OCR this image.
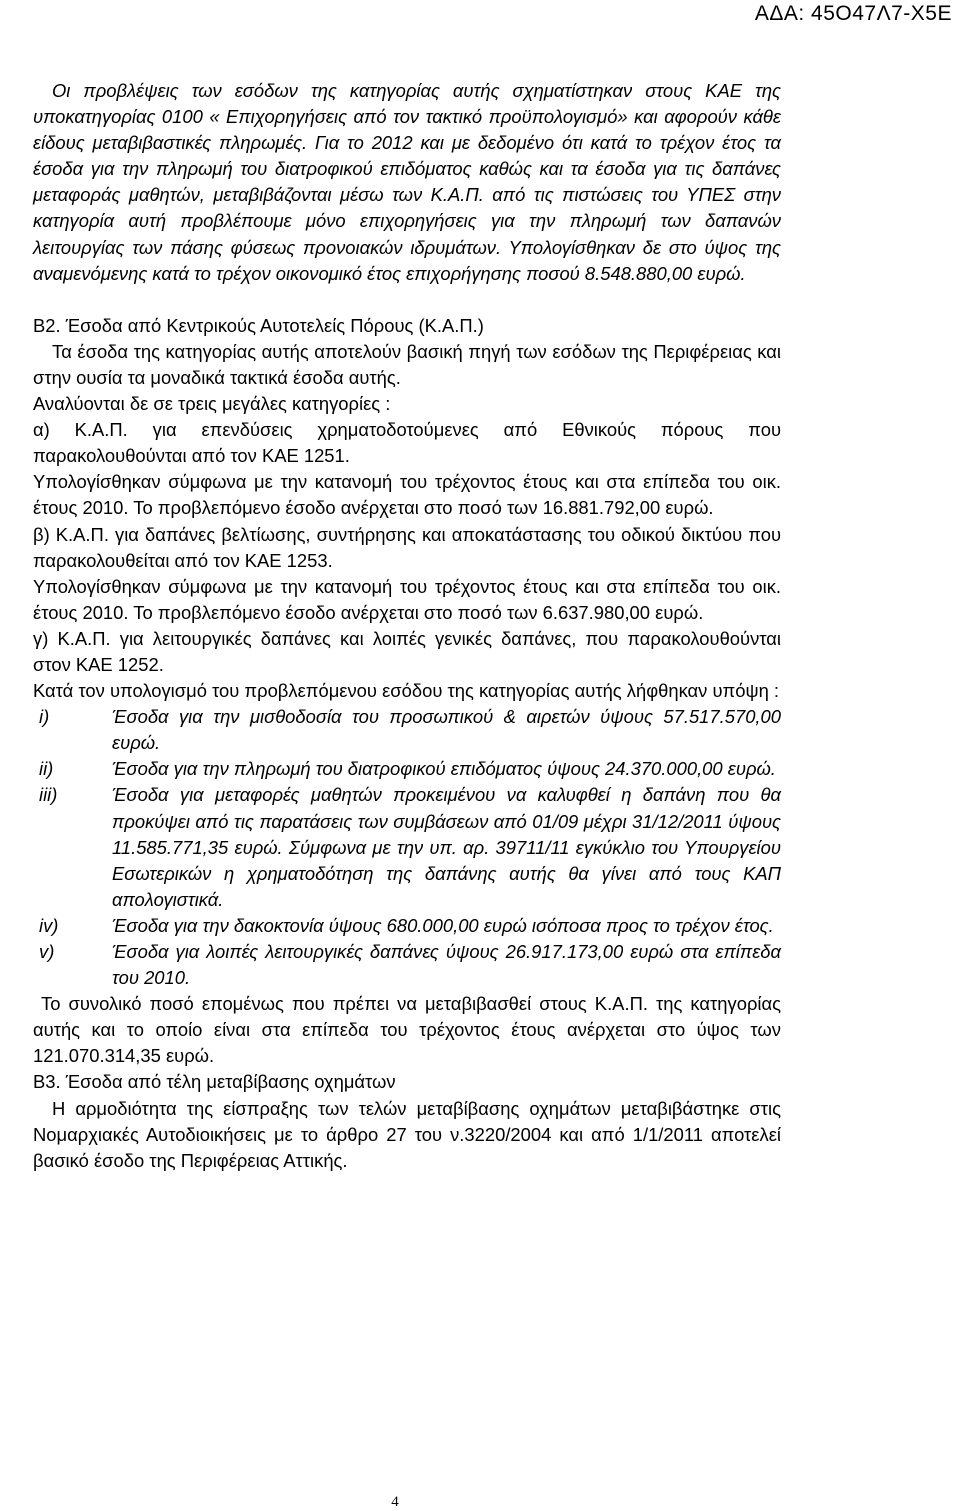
ΑΔΑ: 45Ο47Λ7-Χ5Ε

Οι προβλέψεις των εσόδων της κατηγορίας αυτής σχηματίστηκαν στους ΚΑΕ της υποκατηγορίας 0100 « Επιχορηγήσεις από τον τακτικό προϋπολογισμό» και αφορούν κάθε είδους μεταβιβαστικές πληρωμές. Για το 2012 και με δεδομένο ότι κατά το τρέχον έτος τα έσοδα για την πληρωμή του διατροφικού επιδόματος καθώς και τα έσοδα για τις δαπάνες μεταφοράς μαθητών, μεταβιβάζονται μέσω των Κ.Α.Π. από τις πιστώσεις του ΥΠΕΣ στην κατηγορία αυτή προβλέπουμε μόνο επιχορηγήσεις για την πληρωμή των δαπανών λειτουργίας των πάσης φύσεως προνοιακών ιδρυμάτων. Υπολογίσθηκαν δε στο ύψος της αναμενόμενης κατά το τρέχον οικονομικό έτος επιχορήγησης ποσού 8.548.880,00 ευρώ.

Β2. Έσοδα από Κεντρικούς Αυτοτελείς Πόρους (Κ.Α.Π.)

Τα έσοδα της κατηγορίας αυτής αποτελούν βασική πηγή των εσόδων της Περιφέρειας και στην ουσία τα μοναδικά τακτικά έσοδα αυτής.

Αναλύονται δε σε τρεις μεγάλες κατηγορίες :

α) Κ.Α.Π. για επενδύσεις χρηματοδοτούμενες από Εθνικούς πόρους που παρακολουθούνται από τον ΚΑΕ 1251.

Υπολογίσθηκαν σύμφωνα με την κατανομή του τρέχοντος έτους και στα επίπεδα του οικ. έτους 2010. Το προβλεπόμενο έσοδο ανέρχεται στο ποσό των 16.881.792,00 ευρώ.

β) Κ.Α.Π. για δαπάνες βελτίωσης, συντήρησης και αποκατάστασης του οδικού δικτύου που παρακολουθείται από τον ΚΑΕ 1253.

Υπολογίσθηκαν σύμφωνα με την κατανομή του τρέχοντος έτους και στα επίπεδα του οικ. έτους 2010. Το προβλεπόμενο έσοδο ανέρχεται στο ποσό των 6.637.980,00 ευρώ.

γ) Κ.Α.Π. για λειτουργικές δαπάνες και λοιπές γενικές δαπάνες, που παρακολουθούνται στον ΚΑΕ 1252.

Κατά τον υπολογισμό του προβλεπόμενου εσόδου της κατηγορίας αυτής λήφθηκαν υπόψη :

i)	Έσοδα για την μισθοδοσία του προσωπικού & αιρετών ύψους 57.517.570,00 ευρώ.
ii)	Έσοδα για την πληρωμή του διατροφικού επιδόματος ύψους 24.370.000,00 ευρώ.
iii)	Έσοδα για μεταφορές μαθητών προκειμένου να καλυφθεί η δαπάνη που θα προκύψει από τις παρατάσεις των συμβάσεων από 01/09 μέχρι 31/12/2011 ύψους 11.585.771,35 ευρώ. Σύμφωνα με την υπ. αρ. 39711/11 εγκύκλιο του Υπουργείου Εσωτερικών η χρηματοδότηση της δαπάνης αυτής θα γίνει από τους ΚΑΠ απολογιστικά.
iv)	Έσοδα για την δακοκτονία ύψους 680.000,00 ευρώ ισόποσα προς το τρέχον έτος.
v)	Έσοδα για λοιπές λειτουργικές δαπάνες ύψους 26.917.173,00 ευρώ στα επίπεδα του 2010.

Το συνολικό ποσό επομένως που πρέπει να μεταβιβασθεί στους Κ.Α.Π. της κατηγορίας αυτής και το οποίο είναι στα επίπεδα του τρέχοντος έτους ανέρχεται στο ύψος των 121.070.314,35 ευρώ.

Β3. Έσοδα από τέλη μεταβίβασης οχημάτων

Η αρμοδιότητα της είσπραξης των τελών μεταβίβασης οχημάτων μεταβιβάστηκε στις Νομαρχιακές Αυτοδιοικήσεις με το άρθρο 27 του ν.3220/2004 και από 1/1/2011 αποτελεί βασικό έσοδο της Περιφέρειας Αττικής.

4
